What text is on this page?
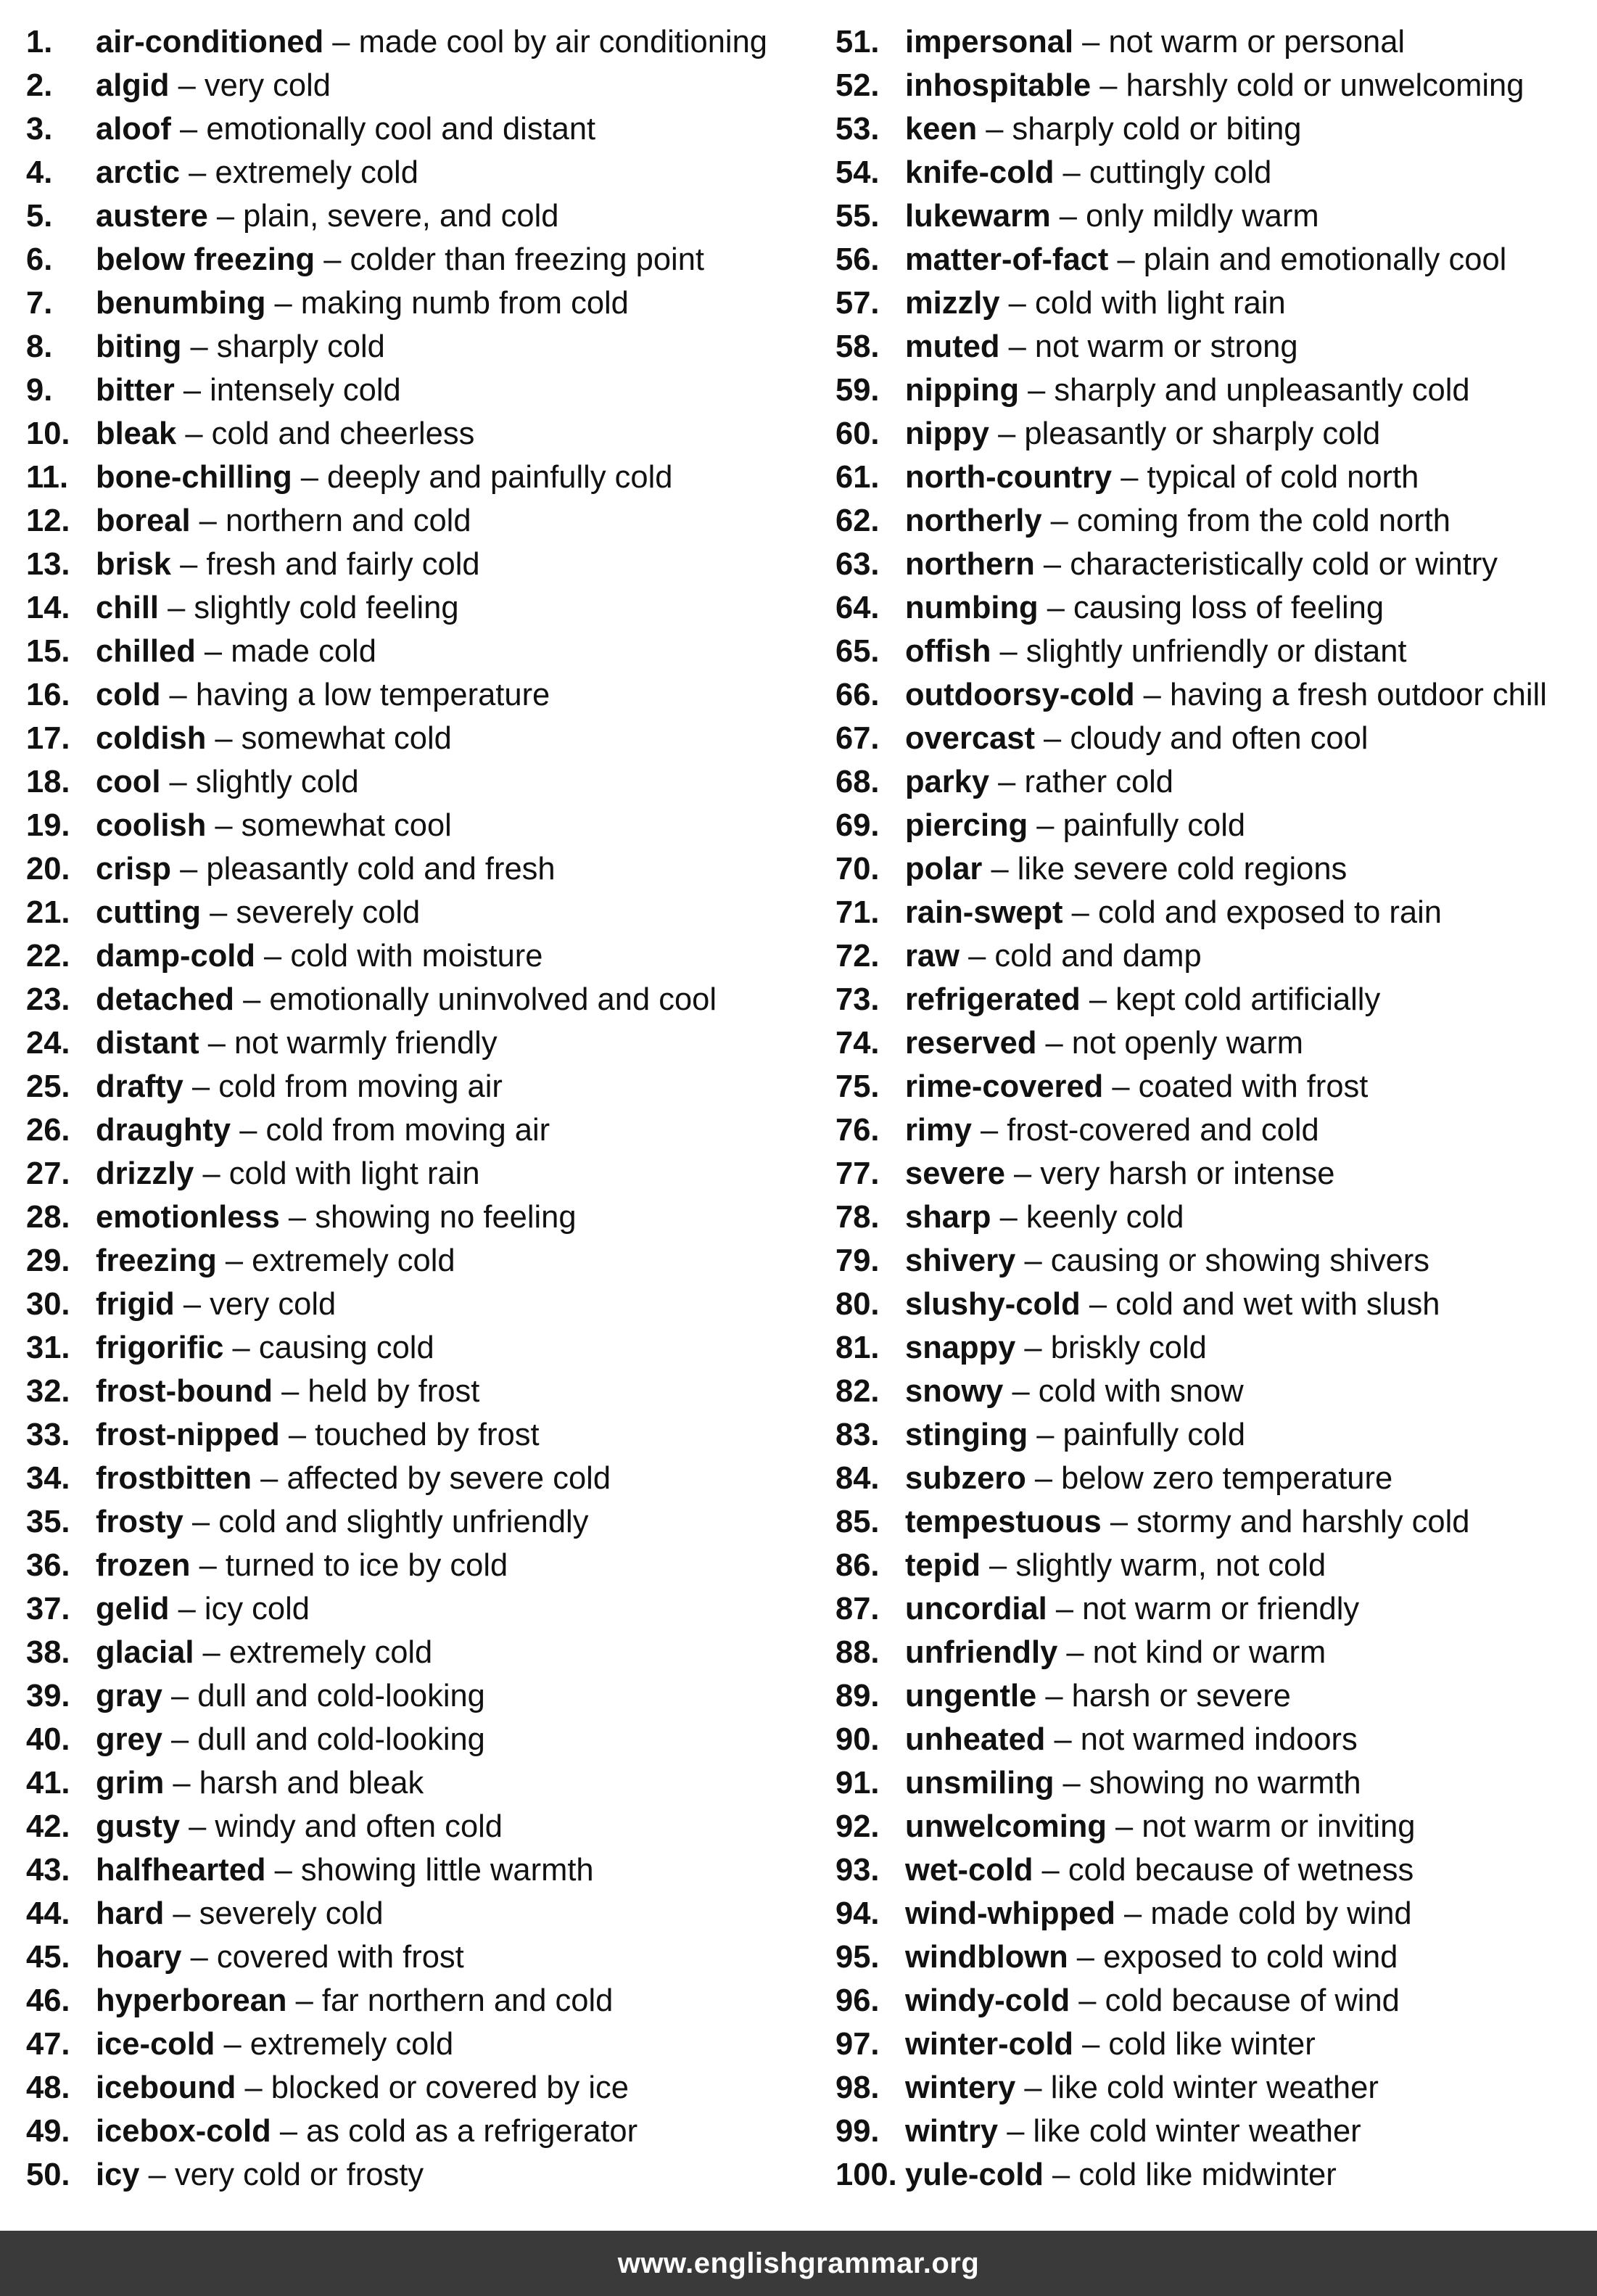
1.	air-conditioned – made cool by air conditioning
2.	algid – very cold
3.	aloof – emotionally cool and distant
4.	arctic – extremely cold
5.	austere – plain, severe, and cold
6.	below freezing – colder than freezing point
7.	benumbing – making numb from cold
8.	biting – sharply cold
9.	bitter – intensely cold
10. bleak – cold and cheerless
11. bone-chilling – deeply and painfully cold
12. boreal – northern and cold
13. brisk – fresh and fairly cold
14. chill – slightly cold feeling
15. chilled – made cold
16. cold – having a low temperature
17. coldish – somewhat cold
18. cool – slightly cold
19. coolish – somewhat cool
20. crisp – pleasantly cold and fresh
21. cutting – severely cold
22. damp-cold – cold with moisture
23. detached – emotionally uninvolved and cool
24. distant – not warmly friendly
25. drafty – cold from moving air
26. draughty – cold from moving air
27. drizzly – cold with light rain
28. emotionless – showing no feeling
29. freezing – extremely cold
30. frigid – very cold
31. frigorific – causing cold
32. frost-bound – held by frost
33. frost-nipped – touched by frost
34. frostbitten – affected by severe cold
35. frosty – cold and slightly unfriendly
36. frozen – turned to ice by cold
37. gelid – icy cold
38. glacial – extremely cold
39. gray – dull and cold-looking
40. grey – dull and cold-looking
41. grim – harsh and bleak
42. gusty – windy and often cold
43. halfhearted – showing little warmth
44. hard – severely cold
45. hoary – covered with frost
46. hyperborean – far northern and cold
47. ice-cold – extremely cold
48. icebound – blocked or covered by ice
49. icebox-cold – as cold as a refrigerator
50. icy – very cold or frosty
51. impersonal – not warm or personal
52. inhospitable – harshly cold or unwelcoming
53. keen – sharply cold or biting
54. knife-cold – cuttingly cold
55. lukewarm – only mildly warm
56. matter-of-fact – plain and emotionally cool
57. mizzly – cold with light rain
58. muted – not warm or strong
59. nipping – sharply and unpleasantly cold
60. nippy – pleasantly or sharply cold
61. north-country – typical of cold north
62. northerly – coming from the cold north
63. northern – characteristically cold or wintry
64. numbing – causing loss of feeling
65. offish – slightly unfriendly or distant
66. outdoorsy-cold – having a fresh outdoor chill
67. overcast – cloudy and often cool
68. parky – rather cold
69. piercing – painfully cold
70. polar – like severe cold regions
71. rain-swept – cold and exposed to rain
72. raw – cold and damp
73. refrigerated – kept cold artificially
74. reserved – not openly warm
75. rime-covered – coated with frost
76. rimy – frost-covered and cold
77. severe – very harsh or intense
78. sharp – keenly cold
79. shivery – causing or showing shivers
80. slushy-cold – cold and wet with slush
81. snappy – briskly cold
82. snowy – cold with snow
83. stinging – painfully cold
84. subzero – below zero temperature
85. tempestuous – stormy and harshly cold
86. tepid – slightly warm, not cold
87. uncordial – not warm or friendly
88. unfriendly – not kind or warm
89. ungentle – harsh or severe
90. unheated – not warmed indoors
91. unsmiling – showing no warmth
92. unwelcoming – not warm or inviting
93. wet-cold – cold because of wetness
94. wind-whipped – made cold by wind
95. windblown – exposed to cold wind
96. windy-cold – cold because of wind
97. winter-cold – cold like winter
98. wintery – like cold winter weather
99. wintry – like cold winter weather
100. yule-cold – cold like midwinter
www.englishgrammar.org
